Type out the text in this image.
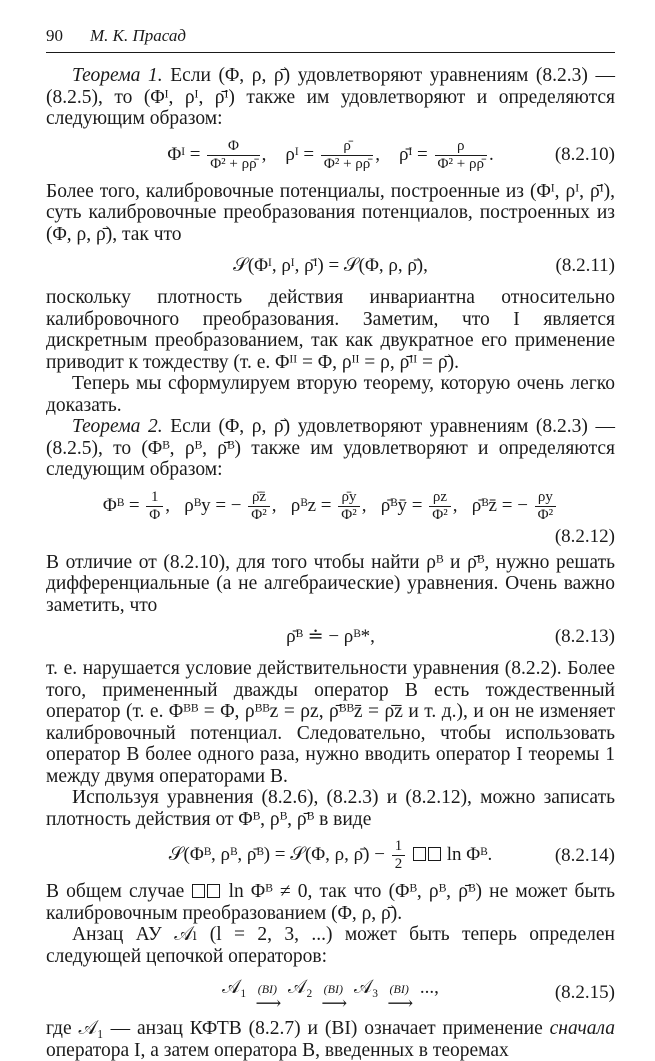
90	М. К. Прасад

Теорема 1. Если (Φ, ρ, ρ̄) удовлетворяют уравнениям (8.2.3) — (8.2.5), то (Φᴵ, ρᴵ, ρ̄ᴵ) также им удовлетворяют и определяются следующим образом:

Φᴵ = $\frac{\Phi}{\text{Φ² + ρρ̄}}$ ,    ρᴵ = $\frac{\rhō}{\text{Φ² + ρρ̄}}$ ,    ρ̄ᴵ = $\frac{\rho}{\text{Φ² + ρρ̄}}$ .	(8.2.10)

Более того, калибровочные потенциалы, построенные из (Φᴵ, ρᴵ, ρ̄ᴵ), суть калибровочные преобразования потенциалов, построенных из (Φ, ρ, ρ̄), так что

𝒮(Φᴵ, ρᴵ, ρ̄ᴵ) = 𝒮(Φ, ρ, ρ̄),	(8.2.11)

поскольку плотность действия инвариантна относительно калибровочного преобразования. Заметим, что I является дискретным преобразованием, так как двукратное его применение приводит к тождеству (т. е. Φᴵᴵ = Φ, ρᴵᴵ = ρ, ρ̄ᴵᴵ = ρ̄).

Теперь мы сформулируем вторую теорему, которую очень легко доказать.

Теорема 2. Если (Φ, ρ, ρ̄) удовлетворяют уравнениям (8.2.3) — (8.2.5), то (Φᴮ, ρᴮ, ρ̄ᴮ) также им удовлетворяют и определяются следующим образом:

Φᴮ = $\frac{1}{\Phi}$ ,   ρᴮy = − $\frac{\rhōz̄}{\text{Φ²}}$ ,   ρᴮz = $\frac{\rhōy}{\text{Φ²}}$ ,   ρ̄ᴮȳ = $\frac{\rho z}{\text{Φ²}}$ ,   ρ̄ᴮz̄ = − $\frac{\rho y}{\text{Φ²}}$
(8.2.12)

В отличие от (8.2.10), для того чтобы найти ρᴮ и ρ̄ᴮ, нужно решать дифференциальные (а не алгебраические) уравнения. Очень важно заметить, что

ρ̄ᴮ ≐ − ρᴮ*,	(8.2.13)

т. е. нарушается условие действительности уравнения (8.2.2). Более того, примененный дважды оператор B есть тождественный оператор (т. е. Φᴮᴮ = Φ, ρᴮᴮz = ρz, ρ̄ᴮᴮz̄ = ρ̄z̄ и т. д.), и он не изменяет калибровочный потенциал. Следовательно, чтобы использовать оператор B более одного раза, нужно вводить оператор I теоремы 1 между двумя операторами B.

Используя уравнения (8.2.6), (8.2.3) и (8.2.12), можно записать плотность действия от Φᴮ, ρᴮ, ρ̄ᴮ в виде

𝒮(Φᴮ, ρᴮ, ρ̄ᴮ) = 𝒮(Φ, ρ, ρ̄) − $\frac{1}{2}$ ln Φᴮ.	(8.2.14)

В общем случае  ln Φᴮ ≠ 0, так что (Φᴮ, ρᴮ, ρ̄ᴮ) не может быть калибровочным преобразованием (Φ, ρ, ρ̄).

Анзац АУ 𝒜ₗ (l = 2, 3, ...) может быть теперь определен следующей цепочкой операторов:

𝒜₁ (BI)
⟶
𝒜₂ (BI)
⟶
𝒜₃ (BI)
⟶
...,	(8.2.15)

где 𝒜₁ — анзац КФТВ (8.2.7) и (BI) означает применение сначала оператора I, а затем оператора B, введенных в теоремах
